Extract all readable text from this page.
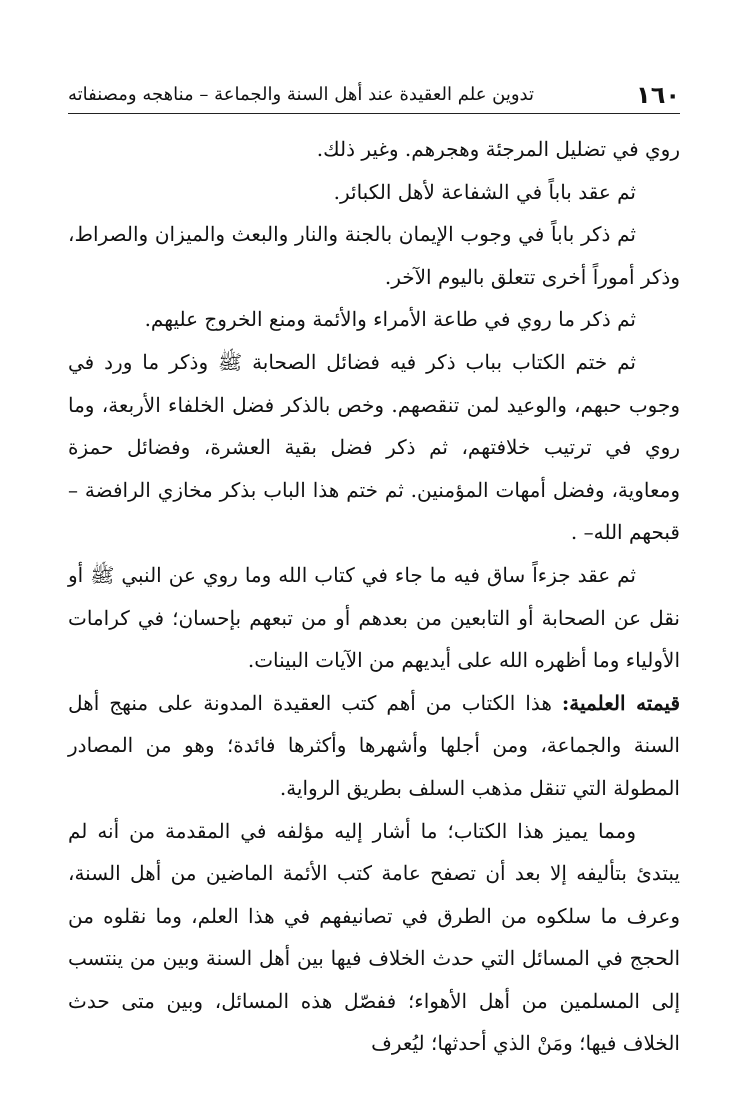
١٦٠
تدوين علم العقيدة عند أهل السنة والجماعة – مناهجه ومصنفاته

روي في تضليل المرجئة وهجرهم. وغير ذلك.

ثم عقد باباً في الشفاعة لأهل الكبائر.

ثم ذكر باباً في وجوب الإيمان بالجنة والنار والبعث والميزان والصراط، وذكر أموراً أخرى تتعلق باليوم الآخر.

ثم ذكر ما روي في طاعة الأمراء والأئمة ومنع الخروج عليهم.

ثم ختم الكتاب بباب ذكر فيه فضائل الصحابة ﷺ وذكر ما ورد في وجوب حبهم، والوعيد لمن تنقصهم. وخص بالذكر فضل الخلفاء الأربعة، وما روي في ترتيب خلافتهم، ثم ذكر فضل بقية العشرة، وفضائل حمزة ومعاوية، وفضل أمهات المؤمنين. ثم ختم هذا الباب بذكر مخازي الرافضة – قبحهم الله– .

ثم عقد جزءاً ساق فيه ما جاء في كتاب الله وما روي عن النبي ﷺ أو نقل عن الصحابة أو التابعين من بعدهم أو من تبعهم بإحسان؛ في كرامات الأولياء وما أظهره الله على أيديهم من الآيات البينات.

قيمته العلمية: هذا الكتاب من أهم كتب العقيدة المدونة على منهج أهل السنة والجماعة، ومن أجلها وأشهرها وأكثرها فائدة؛ وهو من المصادر المطولة التي تنقل مذهب السلف بطريق الرواية.

ومما يميز هذا الكتاب؛ ما أشار إليه مؤلفه في المقدمة من أنه لم يبتدئ بتأليفه إلا بعد أن تصفح عامة كتب الأئمة الماضين من أهل السنة، وعرف ما سلكوه من الطرق في تصانيفهم في هذا العلم، وما نقلوه من الحجج في المسائل التي حدث الخلاف فيها بين أهل السنة وبين من ينتسب إلى المسلمين من أهل الأهواء؛ ففصّل هذه المسائل، وبين متى حدث الخلاف فيها؛ ومَنْ الذي أحدثها؛ ليُعرف
